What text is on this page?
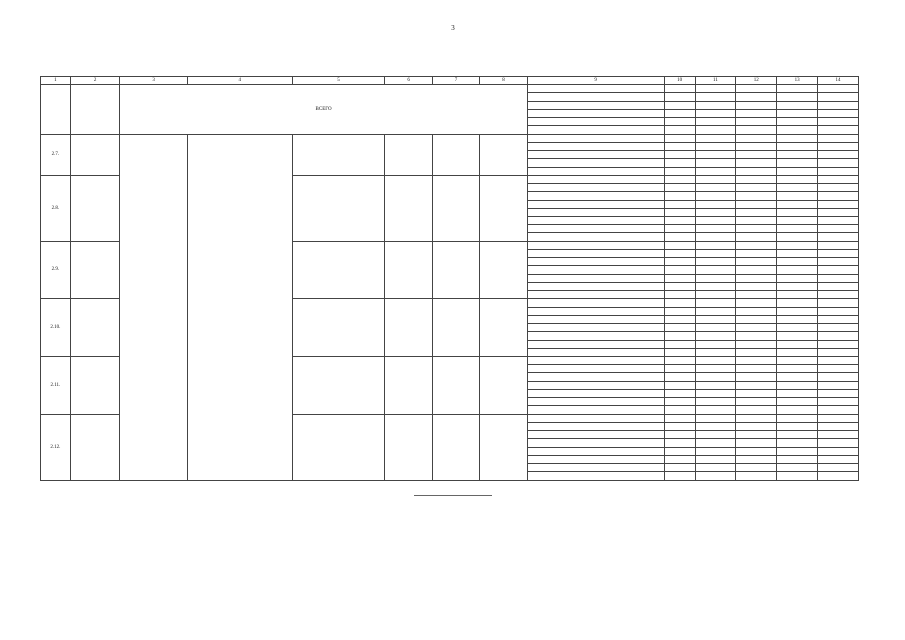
3
1	2	3	4	5	6	7	8	9	10	11	12	13	14
		ВСЕГО											

2.7.													

2.8.													

2.9.													

2.10.													

2.11.													

2.12.													
